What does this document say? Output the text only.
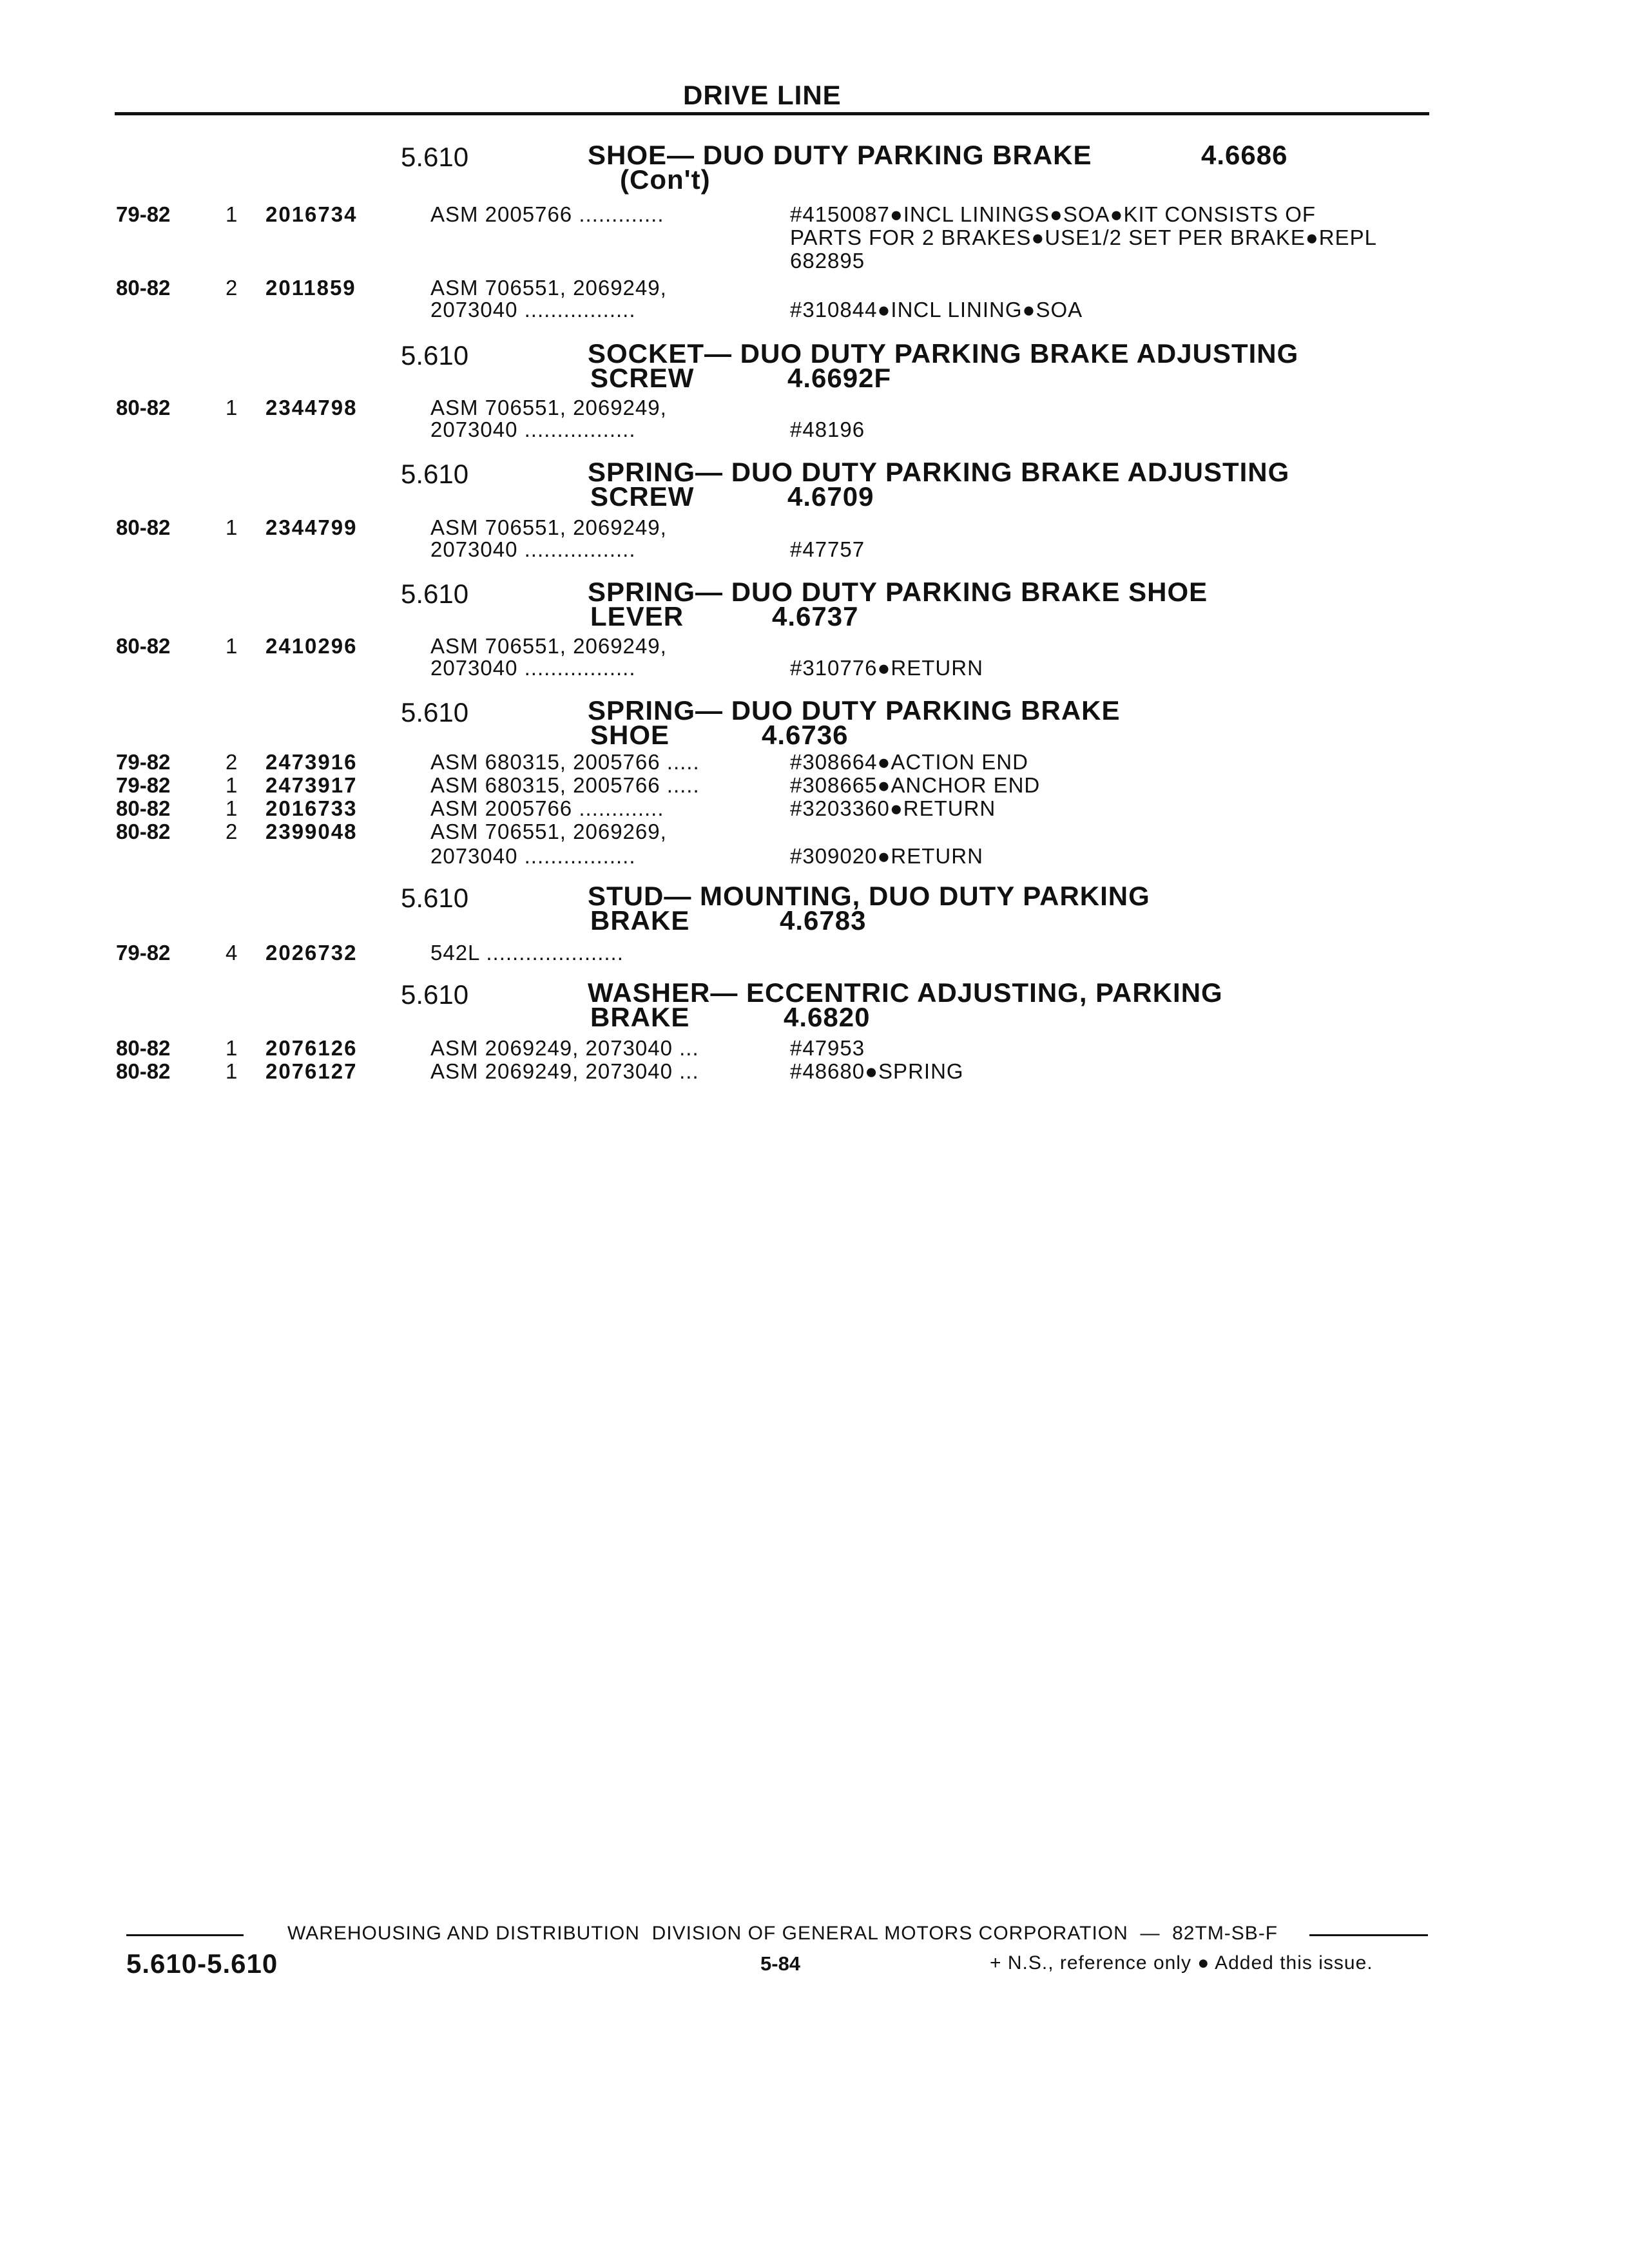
DRIVE LINE
5.610	SHOE— DUO DUTY PARKING BRAKE
(Con't)
4.6686
79-82	1 2016734	ASM 2005766 .............	#4150087●INCL LININGS●SOA●KIT CONSISTS OF
PARTS FOR 2 BRAKES●USE1/2 SET PER BRAKE●REPL
682895
80-82	2 2011859	ASM 706551, 2069249,
2073040 .................	#310844●INCL LINING●SOA
5.610	SOCKET— DUO DUTY PARKING BRAKE ADJUSTING
SCREW	4.6692F
80-82	1 2344798	ASM 706551, 2069249,
2073040 .................	#48196
5.610	SPRING— DUO DUTY PARKING BRAKE ADJUSTING
SCREW	4.6709
80-82	1 2344799	ASM 706551, 2069249,
2073040 .................	#47757
5.610	SPRING— DUO DUTY PARKING BRAKE SHOE
LEVER	4.6737
80-82	1 2410296	ASM 706551, 2069249,
2073040 .................	#310776●RETURN
5.610	SPRING— DUO DUTY PARKING BRAKE
SHOE	4.6736
79-82	2 2473916	ASM 680315, 2005766 .....	#308664●ACTION END
79-82	1 2473917	ASM 680315, 2005766 .....	#308665●ANCHOR END
80-82	1 2016733	ASM 2005766 .............	#3203360●RETURN
80-82	2 2399048	ASM 706551, 2069269,
2073040 .................	#309020●RETURN
5.610	STUD— MOUNTING, DUO DUTY PARKING
BRAKE	4.6783
79-82	4 2026732	542L .....................
5.610	WASHER— ECCENTRIC ADJUSTING, PARKING
BRAKE	4.6820
80-82	1 2076126	ASM 2069249, 2073040 ...	#47953
80-82	1 2076127	ASM 2069249, 2073040 ...	#48680●SPRING
WAREHOUSING AND DISTRIBUTION  DIVISION OF GENERAL MOTORS CORPORATION  —  82TM-SB-F
5.610-5.610	5-84	+ N.S., reference only ● Added this issue.
